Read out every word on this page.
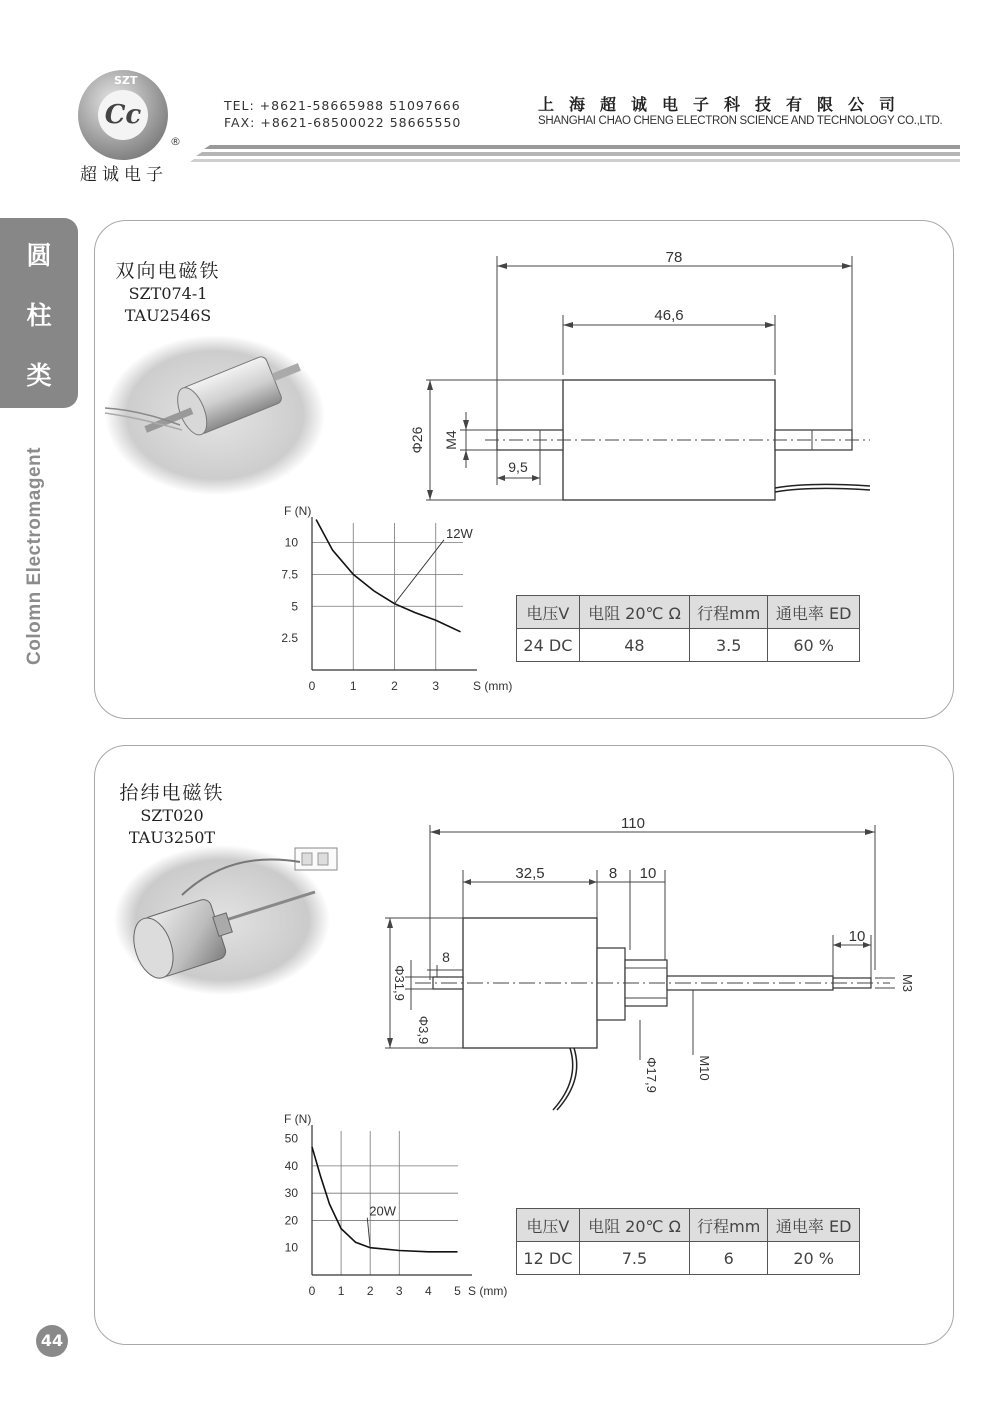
Cc
SZT
®
超诚电子
TEL: +8621-58665988 51097666
FAX: +8621-68500022 58665550
上海超诚电子科技有限公司
SHANGHAI CHAO CHENG ELECTRON SCIENCE AND TECHNOLOGY CO.,LTD.
圆
柱
类
Colomn Electromagent
44
双向电磁铁
SZT074-1
TAU2546S
78
46,6
Φ26 M4
9,5
0	1	2	3
2.5
5
7.5
10
F (N)
S (mm)
12W
电压V	电阻 20℃ Ω	行程mm	通电率 ED
24 DC	48	3.5	60 %
抬纬电磁铁
SZT020
TAU3250T
110
32,5	8 10
10
8
Φ31,9
Φ3,9
Φ17,9	M10
M3
0 1 2 3 4 5
10
20
30
40
50
F (N)
S (mm)
20W
电压V	电阻 20℃ Ω	行程mm	通电率 ED
12 DC	7.5	6	20 %
